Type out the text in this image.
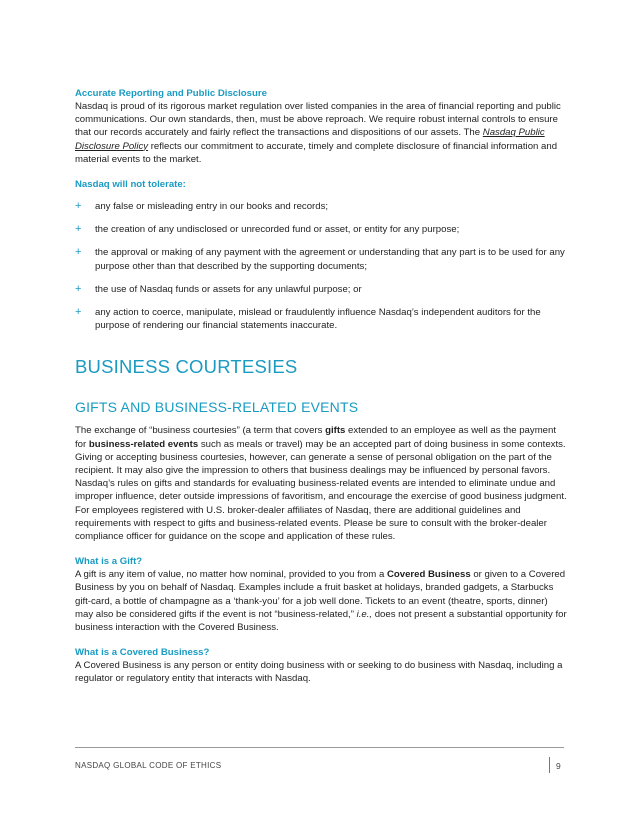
Accurate Reporting and Public Disclosure

Nasdaq is proud of its rigorous market regulation over listed companies in the area of financial reporting and public communications. Our own standards, then, must be above reproach. We require robust internal controls to ensure that our records accurately and fairly reflect the transactions and dispositions of our assets. The Nasdaq Public Disclosure Policy reflects our commitment to accurate, timely and complete disclosure of financial information and material events to the market.

Nasdaq will not tolerate:
+ any false or misleading entry in our books and records;
+ the creation of any undisclosed or unrecorded fund or asset, or entity for any purpose;
+ the approval or making of any payment with the agreement or understanding that any part is to be used for any purpose other than that described by the supporting documents;
+ the use of Nasdaq funds or assets for any unlawful purpose; or
+ any action to coerce, manipulate, mislead or fraudulently influence Nasdaq’s independent auditors for the purpose of rendering our financial statements inaccurate.
BUSINESS COURTESIES
GIFTS AND BUSINESS-RELATED EVENTS

The exchange of “business courtesies” (a term that covers gifts extended to an employee as well as the payment for business-related events such as meals or travel) may be an accepted part of doing business in some contexts. Giving or accepting business courtesies, however, can generate a sense of personal obligation on the part of the recipient. It may also give the impression to others that business dealings may be influenced by personal favors. Nasdaq’s rules on gifts and standards for evaluating business-related events are intended to eliminate undue and improper influence, deter outside impressions of favoritism, and encourage the exercise of good business judgment. For employees registered with U.S. broker-dealer affiliates of Nasdaq, there are additional guidelines and requirements with respect to gifts and business-related events. Please be sure to consult with the broker-dealer compliance officer for guidance on the scope and application of these rules.

What is a Gift?

A gift is any item of value, no matter how nominal, provided to you from a Covered Business or given to a Covered Business by you on behalf of Nasdaq. Examples include a fruit basket at holidays, branded gadgets, a Starbucks gift-card, a bottle of champagne as a ‘thank-you’ for a job well done. Tickets to an event (theatre, sports, dinner) may also be considered gifts if the event is not “business-related,” i.e., does not present a substantial opportunity for business interaction with the Covered Business.

What is a Covered Business?

A Covered Business is any person or entity doing business with or seeking to do business with Nasdaq, including a regulator or regulatory entity that interacts with Nasdaq.

NASDAQ GLOBAL CODE OF ETHICS	9
